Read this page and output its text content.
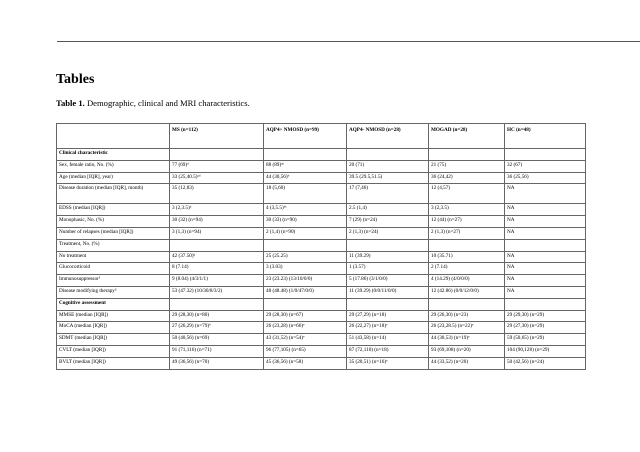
Tables

Table 1. Demographic, clinical and MRI characteristics.

	MS (n=112)	AQP4+ NMOSD (n=99)	AQP4- NMOSD (n=28)	MOGAD (n=28)	HC (n=48)
Clinical characteristic					
Sex, female ratio, No. (%)	77 (69)ᵈ	88 (89)ᵃᵉ	20 (71)	21 (75)	32 (67)
Age (median [IQR], year)	33 (25,40.5)ᵃᵈ	44 (30,56)ᵇ	39.5 (29.5,51.5)	36 (24,42)	36 (25,56)
Disease duration (median [IQR], month)	35 (12,83)	18 (5,60)	17 (7,46)	12 (4,57)	NA
EDSS (median [IQR])	3 (2,3.5)ᵈ	4 (3,5.5)ᵇᶜ	2.5 (1,4)	3 (2,3.5)	NA
Monophasic, No. (%)	30 (32) (n=94)	30 (33) (n=90)	7 (29) (n=24)	12 (44) (n=27)	NA
Number of relapses (median [IQR])	3 (1,3) (n=94)	2 (1,4) (n=90)	2 (1,3) (n=24)	2 (1,3) (n=27)	NA
Treatment, No. (%)					
No treatment	42 (37.50)ᵈ	25 (25.25)	11 (39.29)	10 (35.71)	NA
Glucocorticoid	8 (7.14)	3 (3.03)	1 (3.57)	2 (7.14)	NA
Immunosuppressor¹	9 (8.04) (4/3/1/1)	23 (23.23) (13/10/0/0)	5 (17.86) (3/1/0/0)	4 (14.29) (4/0/0/0)	NA
Disease modifying therapy²	53 (47.32) (10/30/8/3/2)	48 (48.48) (1/0/47/0/0)	11 (39.29) (0/0/11/0/0)	12 (42.86) (0/0/12/0/0)	NA
Cognitive assessment					
MMSE (median [IQR])	29 (28,30) (n=80)	29 (28,30) (n=67)	29 (27,29) (n=18)	29 (26,30) (n=23)	29 (29,30) (n=29)
MoCA (median [IQR])	27 (26,29) (n=79)ᵇ	26 (23,28) (n=66)ᵉ	26 (22,27) (n=18)ᵉ	26 (23,28.5) (n=22)ᵉ	29 (27,30) (n=29)
SDMT (median [IQR])	50 (40,56) (n=69)	43 (31,52) (n=54)ᵉ	51 (43,58) (n=14)	44 (30,53) (n=19)ᵉ	59 (50,65) (n=29)
CVLT (median [IQR])	91 (71,116) (n=71)	96 (77,105) (n=65)	87 (72,110) (n=18)	93 (69,108) (n=20)	104 (90,128) (n=29)
BVLT (median [IQR])	49 (36,56) (n=70)	45 (36,56) (n=58)	35 (20,51) (n=16)ᵉ	44 (33,52) (n=20)	50 (42,56) (n=24)
